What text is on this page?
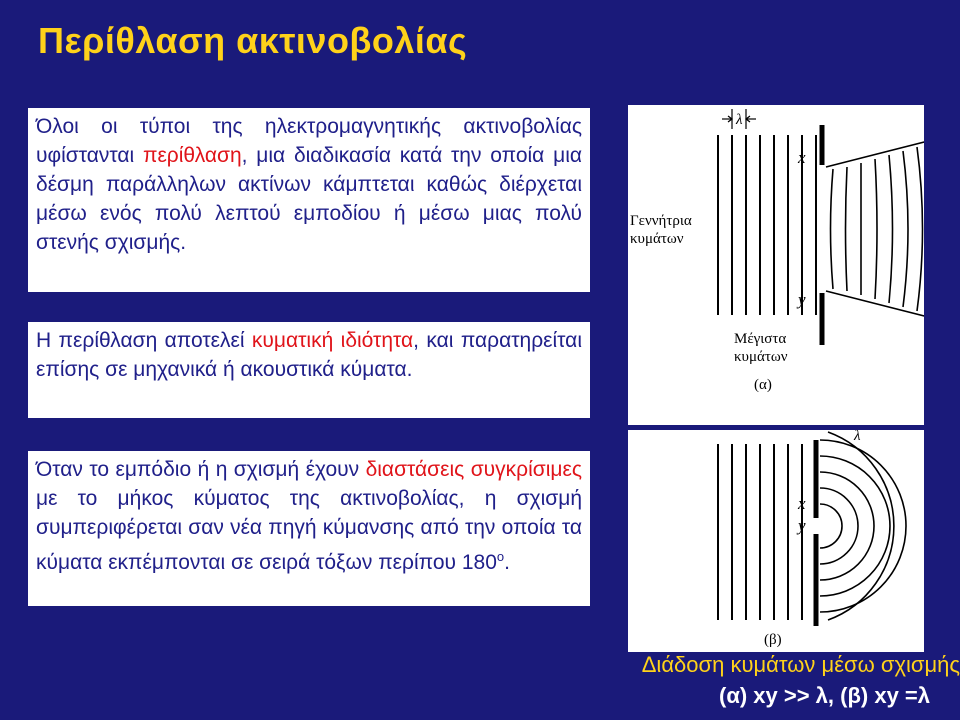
Περίθλαση ακτινοβολίας
Όλοι οι τύποι της ηλεκτρομαγνητικής ακτινοβολίας υφίστανται περίθλαση, μια διαδικασία κατά την οποία μια δέσμη παράλληλων ακτίνων κάμπτεται καθώς διέρχεται μέσω ενός πολύ λεπτού εμποδίου ή μέσω μιας πολύ στενής σχισμής.
Η περίθλαση αποτελεί κυματική ιδιότητα, και παρατηρείται επίσης σε μηχανικά ή ακουστικά κύματα.
Όταν το εμπόδιο ή η σχισμή έχουν διαστάσεις συγκρίσιμες με το μήκος κύματος της ακτινοβολίας, η σχισμή συμπεριφέρεται σαν νέα πηγή κύμανσης από την οποία τα κύματα εκπέμπονται σε σειρά τόξων περίπου $180^o$.
λ
x
y
Γεννήτρια
κυμάτων
Μέγιστα
κυμάτων
(α)
λ
x
y
(β)
Διάδοση κυμάτων μέσω σχισμής
(α) xy >> λ, (β) xy =λ
